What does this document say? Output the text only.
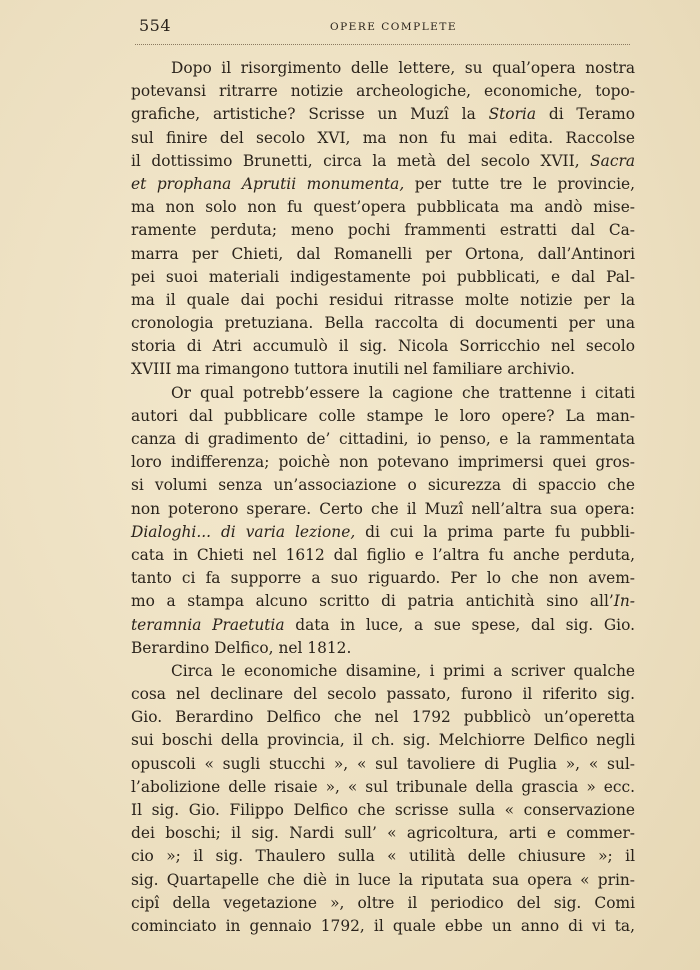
554	OPERE COMPLETE
Dopo il risorgimento delle lettere, su qual’opera nostra
potevansi ritrarre notizie archeologiche, economiche, topo-
grafiche, artistiche? Scrisse un Muzî la Storia di Teramo
sul finire del secolo XVI, ma non fu mai edita. Raccolse
il dottissimo Brunetti, circa la metà del secolo XVII, Sacra
et prophana Aprutii monumenta, per tutte tre le provincie,
ma non solo non fu quest’opera pubblicata ma andò mise-
ramente perduta; meno pochi frammenti estratti dal Ca-
marra per Chieti, dal Romanelli per Ortona, dall’Antinori
pei suoi materiali indigestamente poi pubblicati, e dal Pal-
ma il quale dai pochi residui ritrasse molte notizie per la
cronologia pretuziana. Bella raccolta di documenti per una
storia di Atri accumulò il sig. Nicola Sorricchio nel secolo
XVIII ma rimangono tuttora inutili nel familiare archivio.
Or qual potrebb’essere la cagione che trattenne i citati
autori dal pubblicare colle stampe le loro opere? La man-
canza di gradimento de’ cittadini, io penso, e la rammentata
loro indifferenza; poichè non potevano imprimersi quei gros-
si volumi senza un’associazione o sicurezza di spaccio che
non poterono sperare. Certo che il Muzî nell’altra sua opera:
Dialoghi... di varia lezione, di cui la prima parte fu pubbli-
cata in Chieti nel 1612 dal figlio e l’altra fu anche perduta,
tanto ci fa supporre a suo riguardo. Per lo che non avem-
mo a stampa alcuno scritto di patria antichità sino all’In-
teramnia Praetutia data in luce, a sue spese, dal sig. Gio.
Berardino Delfico, nel 1812.
Circa le economiche disamine, i primi a scriver qualche
cosa nel declinare del secolo passato, furono il riferito sig.
Gio. Berardino Delfico che nel 1792 pubblicò un’operetta
sui boschi della provincia, il ch. sig. Melchiorre Delfico negli
opuscoli « sugli stucchi », « sul tavoliere di Puglia », « sul-
l’abolizione delle risaie », « sul tribunale della grascia » ecc.
Il sig. Gio. Filippo Delfico che scrisse sulla « conservazione
dei boschi; il sig. Nardi sull’ « agricoltura, arti e commer-
cio »; il sig. Thaulero sulla « utilità delle chiusure »; il
sig. Quartapelle che diè in luce la riputata sua opera « prin-
cipî della vegetazione », oltre il periodico del sig. Comi
cominciato in gennaio 1792, il quale ebbe un anno di vi ta,
